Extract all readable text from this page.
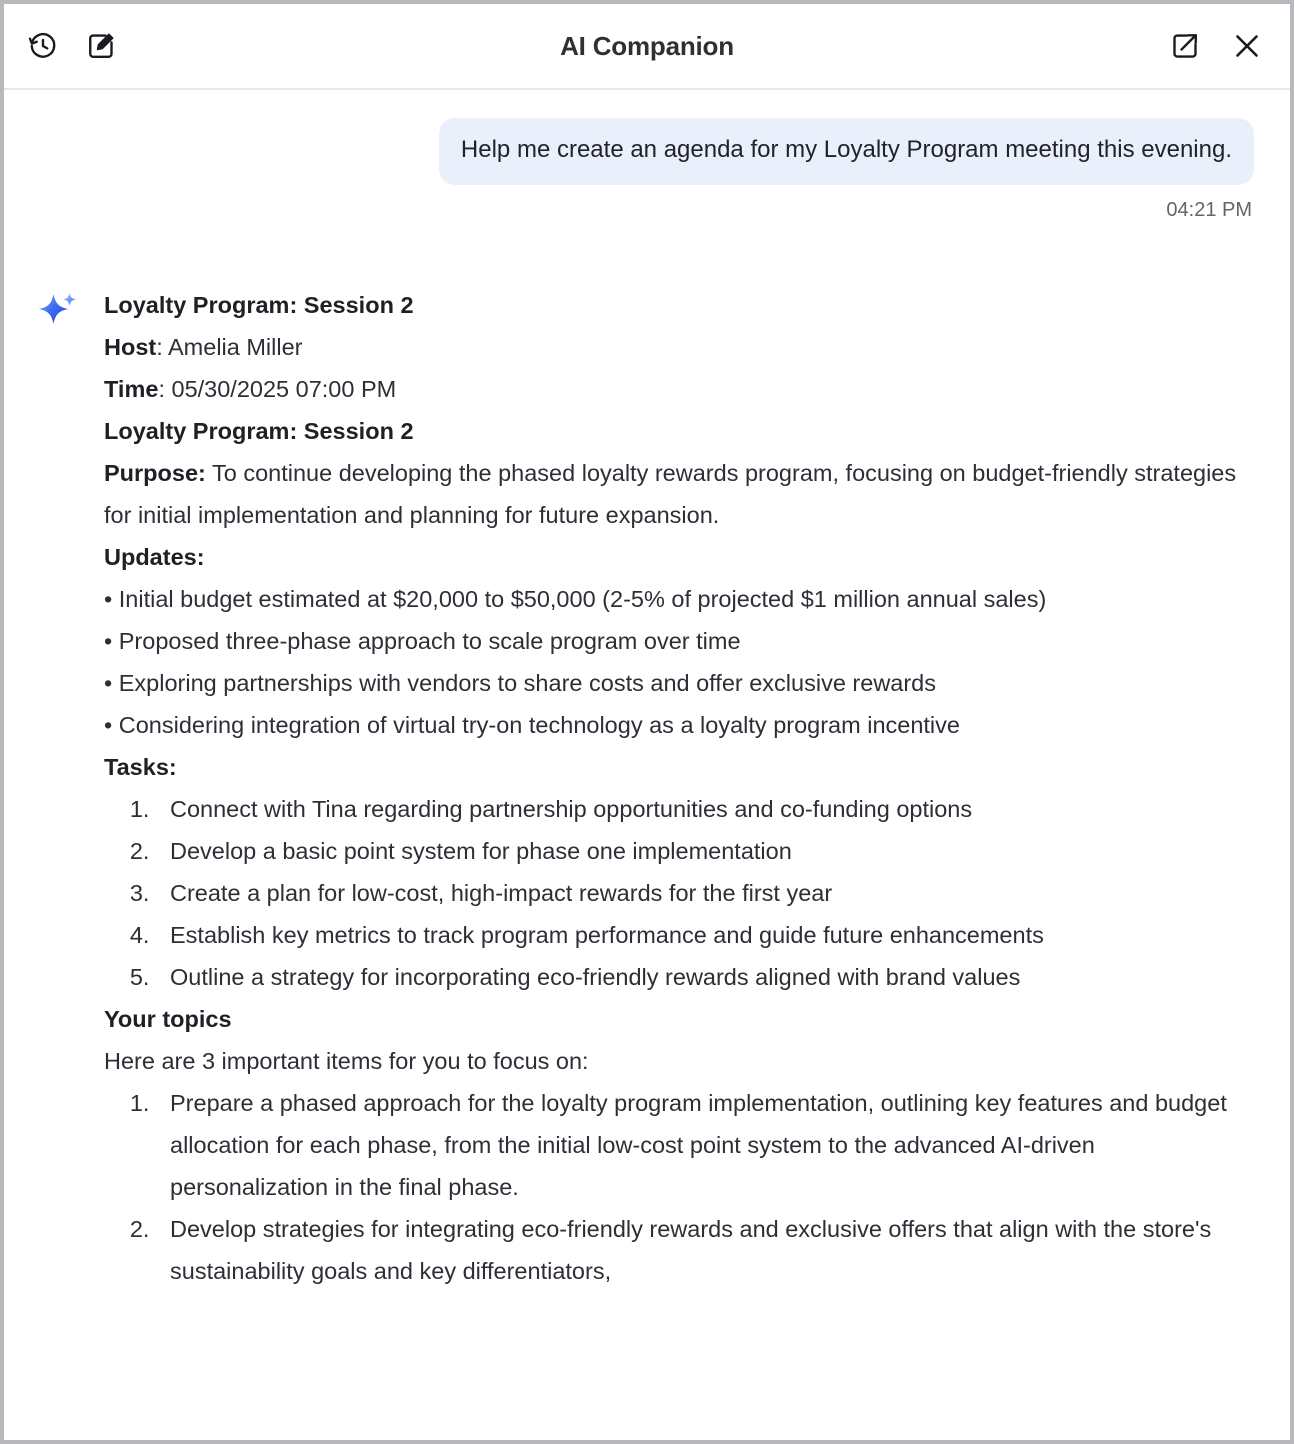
AI Companion
Help me create an agenda for my Loyalty Program meeting this evening.
04:21 PM

Loyalty Program: Session 2

Host: Amelia Miller

Time: 05/30/2025 07:00 PM

Loyalty Program: Session 2

Purpose: To continue developing the phased loyalty rewards program, focusing on budget-friendly strategies for initial implementation and planning for future expansion.

Updates:

• Initial budget estimated at $20,000 to $50,000 (2-5% of projected $1 million annual sales)

• Proposed three-phase approach to scale program over time

• Exploring partnerships with vendors to share costs and offer exclusive rewards

• Considering integration of virtual try-on technology as a loyalty program incentive

Tasks:

1. Connect with Tina regarding partnership opportunities and co-funding options
2. Develop a basic point system for phase one implementation
3. Create a plan for low-cost, high-impact rewards for the first year
4. Establish key metrics to track program performance and guide future enhancements
5. Outline a strategy for incorporating eco-friendly rewards aligned with brand values

Your topics

Here are 3 important items for you to focus on:

1. Prepare a phased approach for the loyalty program implementation, outlining key features and budget allocation for each phase, from the initial low-cost point system to the advanced AI-driven personalization in the final phase.
2. Develop strategies for integrating eco-friendly rewards and exclusive offers that align with the store's sustainability goals and key differentiators,
